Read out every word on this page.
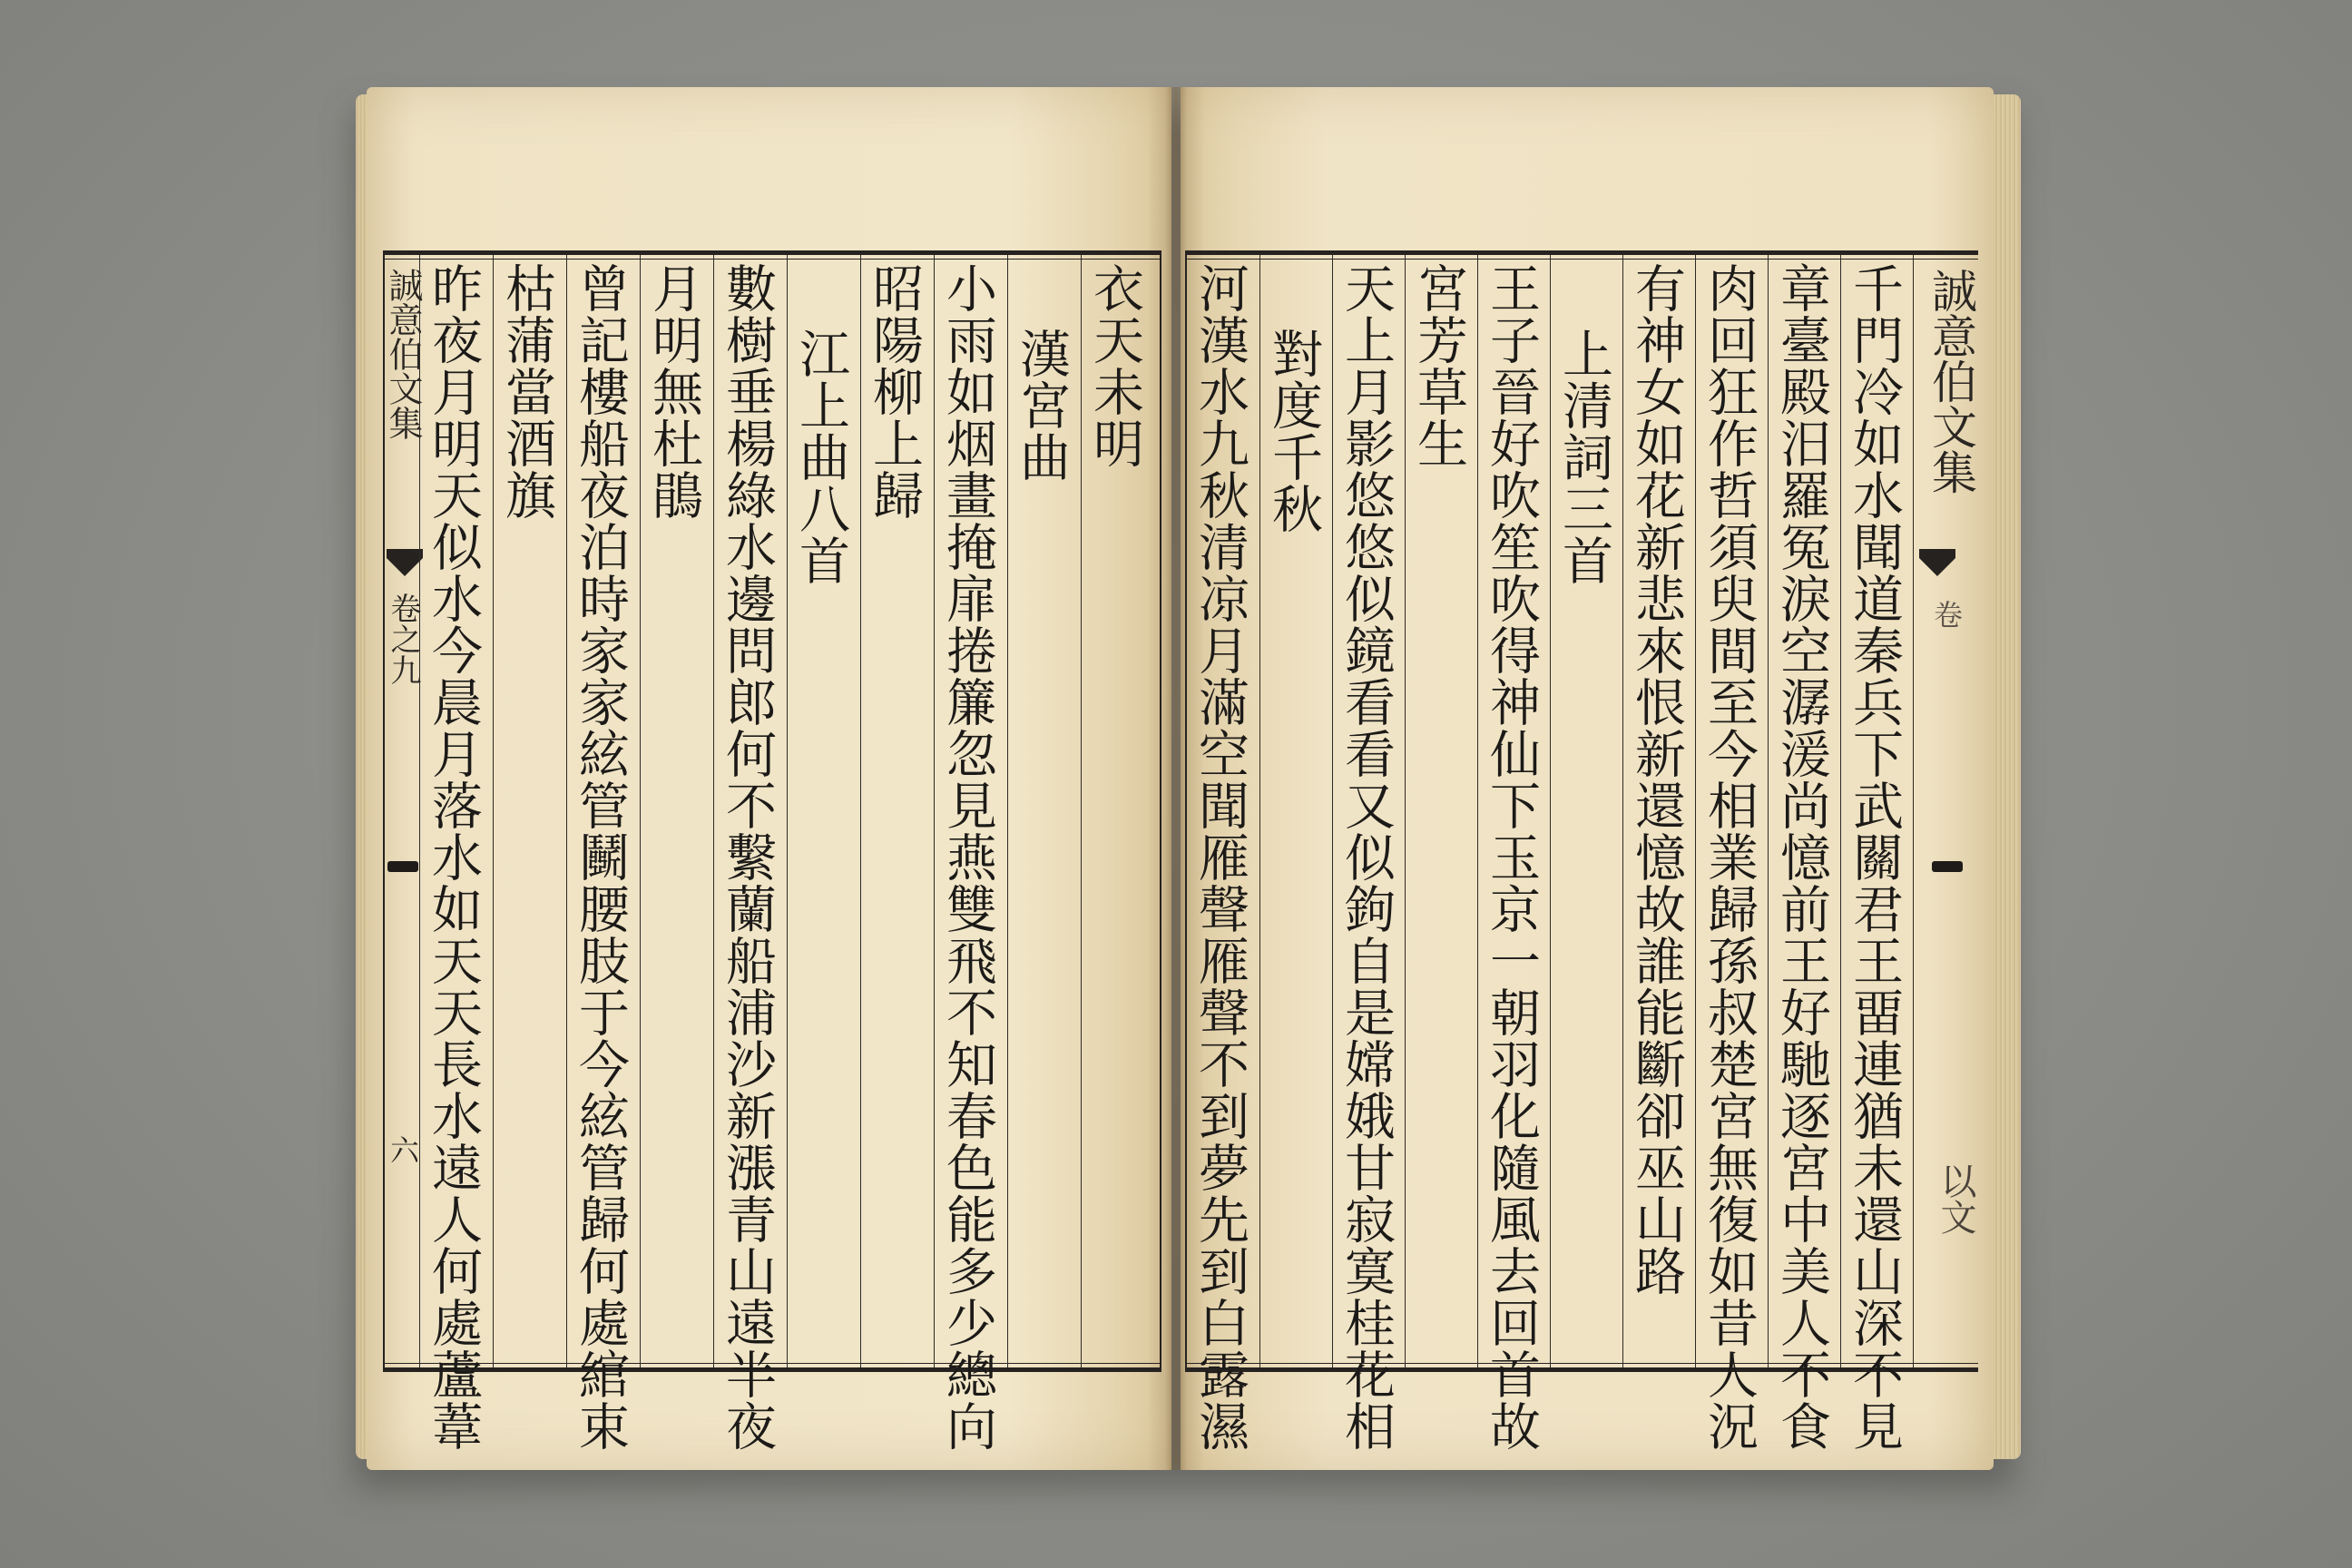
誠意伯文集
卷之九
六 昨夜月明天似水今晨月落水如天天長水遠人何處蘆葦 枯蒲當酒旗 曾記樓船夜泊時家家絃管鬭腰肢于今絃管歸何處綰束 月明無杜鵑 數樹垂楊綠水邊問郎何不繫蘭船浦沙新漲青山遠半夜 江上曲八首 昭陽柳上歸 小雨如烟畫掩扉捲簾忽見燕雙飛不知春色能多少總向 漢宮曲 衣天未明 河漢水九秋清凉月滿空聞雁聲雁聲不到夢先到白露濕 對度千秋 天上月影悠悠似鏡看看又似鉤自是嫦娥甘寂寞桂花相 宮芳草生 王子晉好吹笙吹得神仙下玉京一朝羽化隨風去回首故 上清詞三首 有神女如花新悲來恨新還憶故誰能斷卻巫山路 肉回狂作哲須臾間至今相業歸孫叔楚宮無復如昔人況 章臺殿汨羅冤淚空潺湲尚憶前王好馳逐宮中美人不食 千門冷如水聞道秦兵下武關君王畱連猶未還山深不見 誠意伯文集
卷
以文
